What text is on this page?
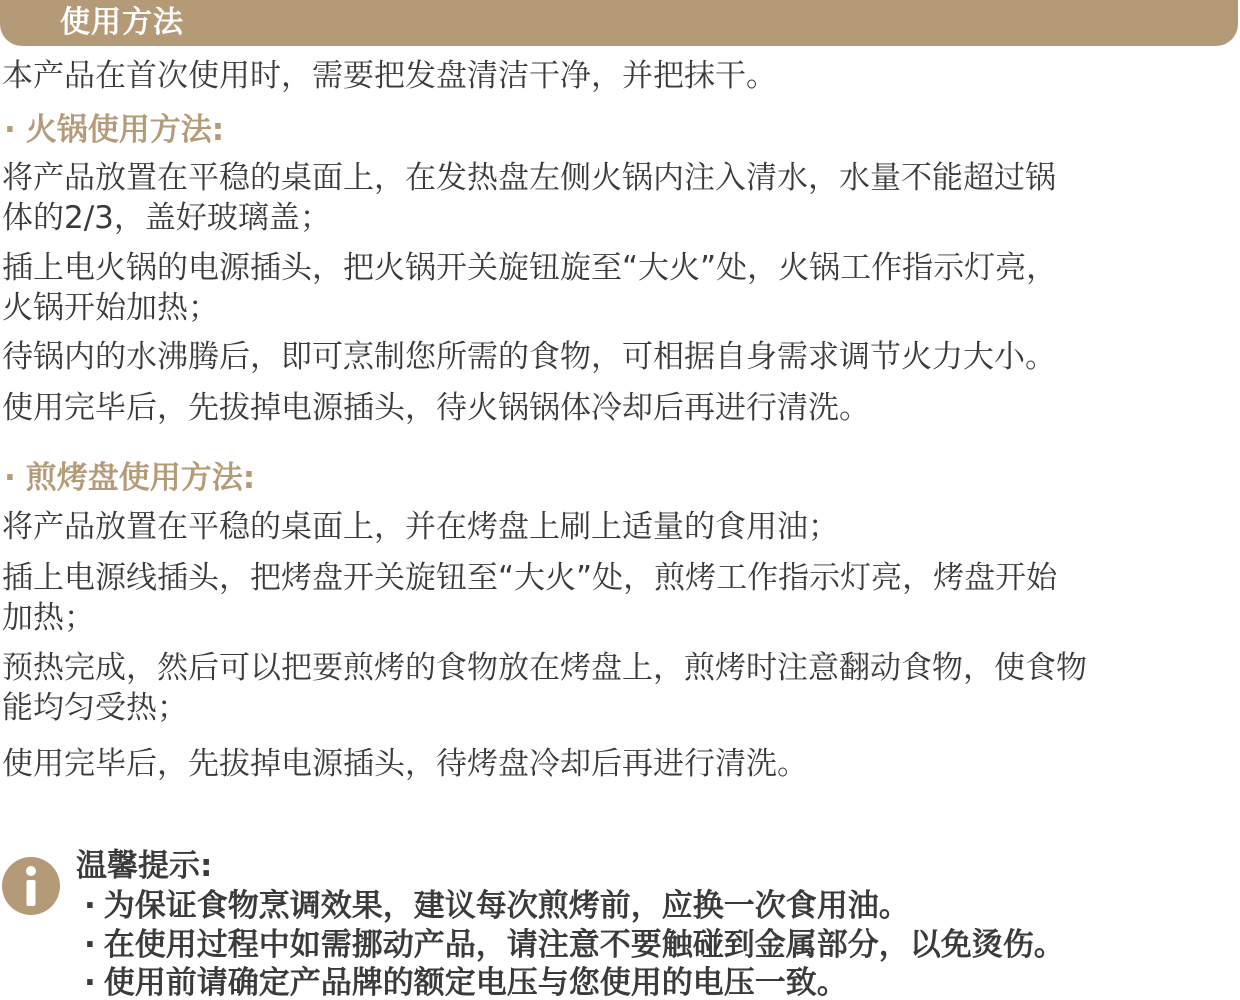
使用方法

本产品在首次使用时，需要把发盘清洁干净，并把抹干。

· 火锅使用方法:

将产品放置在平稳的桌面上，在发热盘左侧火锅内注入清水，水量不能超过锅

体的2/3，盖好玻璃盖；

插上电火锅的电源插头，把火锅开关旋钮旋至“大火”处，火锅工作指示灯亮，

火锅开始加热；

待锅内的水沸腾后，即可烹制您所需的食物，可相据自身需求调节火力大小。

使用完毕后，先拔掉电源插头，待火锅锅体冷却后再进行清洗。

· 煎烤盘使用方法:

将产品放置在平稳的桌面上，并在烤盘上刷上适量的食用油；

插上电源线插头，把烤盘开关旋钮至“大火”处，煎烤工作指示灯亮，烤盘开始

加热；

预热完成，然后可以把要煎烤的食物放在烤盘上，煎烤时注意翻动食物，使食物

能均匀受热；

使用完毕后，先拔掉电源插头，待烤盘冷却后再进行清洗。

温馨提示:
· 为保证食物烹调效果，建议每次煎烤前，应换一次食用油。
· 在使用过程中如需挪动产品，请注意不要触碰到金属部分，以免烫伤。
· 使用前请确定产品牌的额定电压与您使用的电压一致。
